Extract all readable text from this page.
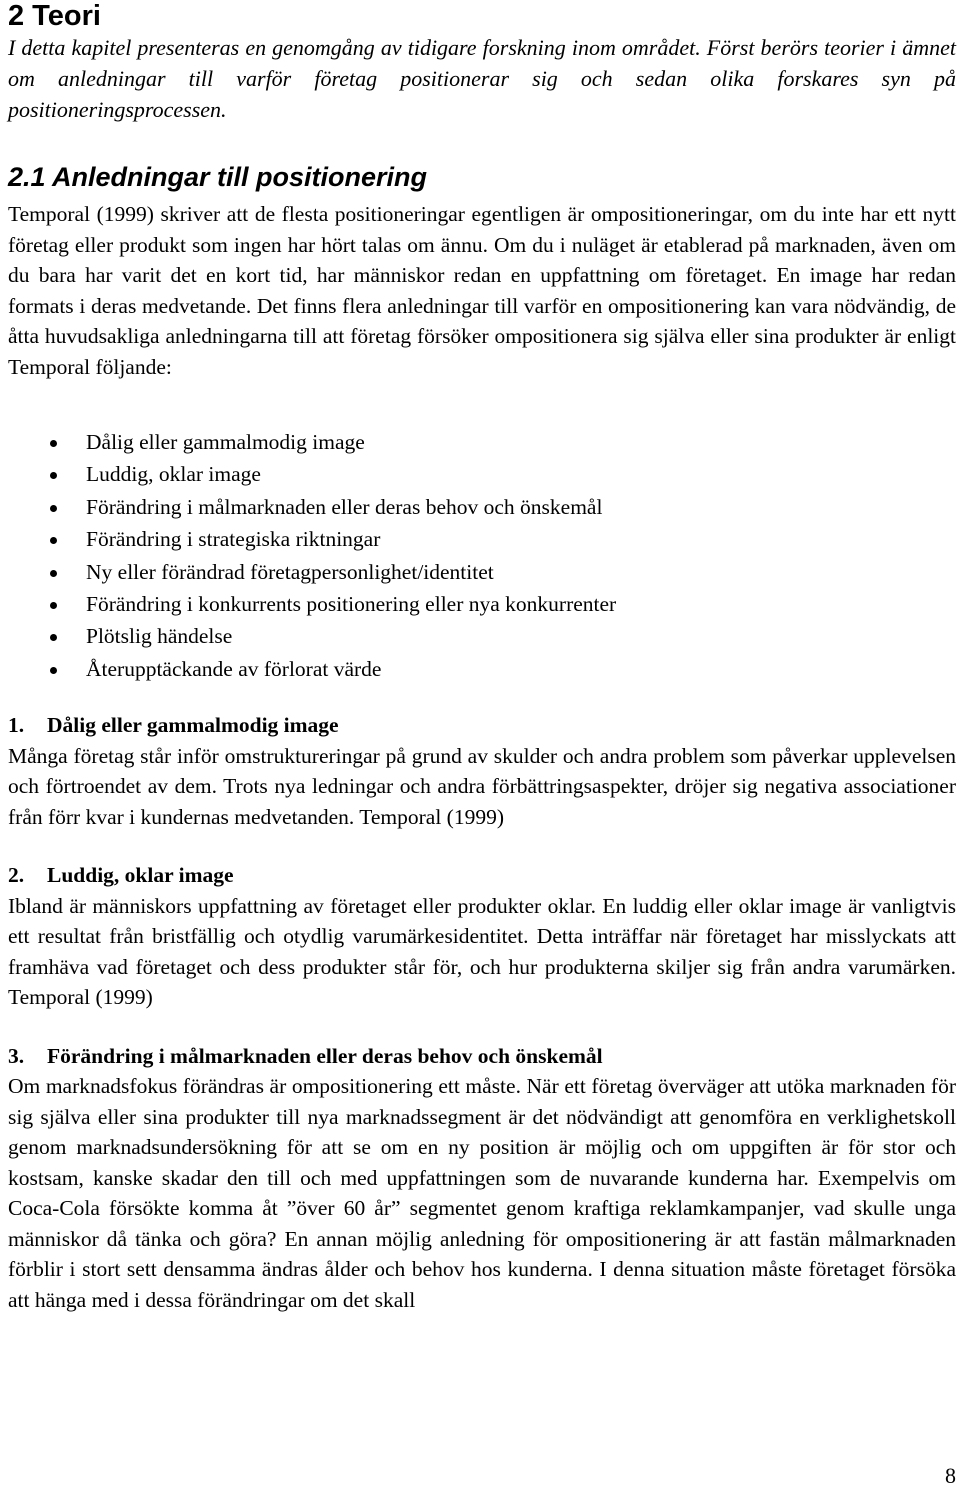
2 Teori

I detta kapitel presenteras en genomgång av tidigare forskning inom området. Först berörs teorier i ämnet om anledningar till varför företag positionerar sig och sedan olika forskares syn på positioneringsprocessen.

2.1 Anledningar till positionering

Temporal (1999) skriver att de flesta positioneringar egentligen är ompositioneringar, om du inte har ett nytt företag eller produkt som ingen har hört talas om ännu. Om du i nuläget är etablerad på marknaden, även om du bara har varit det en kort tid, har människor redan en uppfattning om företaget. En image har redan formats i deras medvetande. Det finns flera anledningar till varför en ompositionering kan vara nödvändig, de åtta huvudsakliga anledningarna till att företag försöker ompositionera sig själva eller sina produkter är enligt Temporal följande:

Dålig eller gammalmodig image
Luddig, oklar image
Förändring i målmarknaden eller deras behov och önskemål
Förändring i strategiska riktningar
Ny eller förändrad företagpersonlighet/identitet
Förändring i konkurrents positionering eller nya konkurrenter
Plötslig händelse
Återupptäckande av förlorat värde
1.	Dålig eller gammalmodig image

Många företag står inför omstruktureringar på grund av skulder och andra problem som påverkar upplevelsen och förtroendet av dem. Trots nya ledningar och andra förbättringsaspekter, dröjer sig negativa associationer från förr kvar i kundernas medvetanden. Temporal (1999)

2.	Luddig, oklar image

Ibland är människors uppfattning av företaget eller produkter oklar. En luddig eller oklar image är vanligtvis ett resultat från bristfällig och otydlig varumärkesidentitet. Detta inträffar när företaget har misslyckats att framhäva vad företaget och dess produkter står för, och hur produkterna skiljer sig från andra varumärken. Temporal (1999)

3.	Förändring i målmarknaden eller deras behov och önskemål

Om marknadsfokus förändras är ompositionering ett måste. När ett företag överväger att utöka marknaden för sig själva eller sina produkter till nya marknadssegment är det nödvändigt att genomföra en verklighetskoll genom marknadsundersökning för att se om en ny position är möjlig och om uppgiften är för stor och kostsam, kanske skadar den till och med uppfattningen som de nuvarande kunderna har. Exempelvis om Coca-Cola försökte komma åt ”över 60 år” segmentet genom kraftiga reklamkampanjer, vad skulle unga människor då tänka och göra? En annan möjlig anledning för ompositionering är att fastän målmarknaden förblir i stort sett densamma ändras ålder och behov hos kunderna. I denna situation måste företaget försöka att hänga med i dessa förändringar om det skall

8
